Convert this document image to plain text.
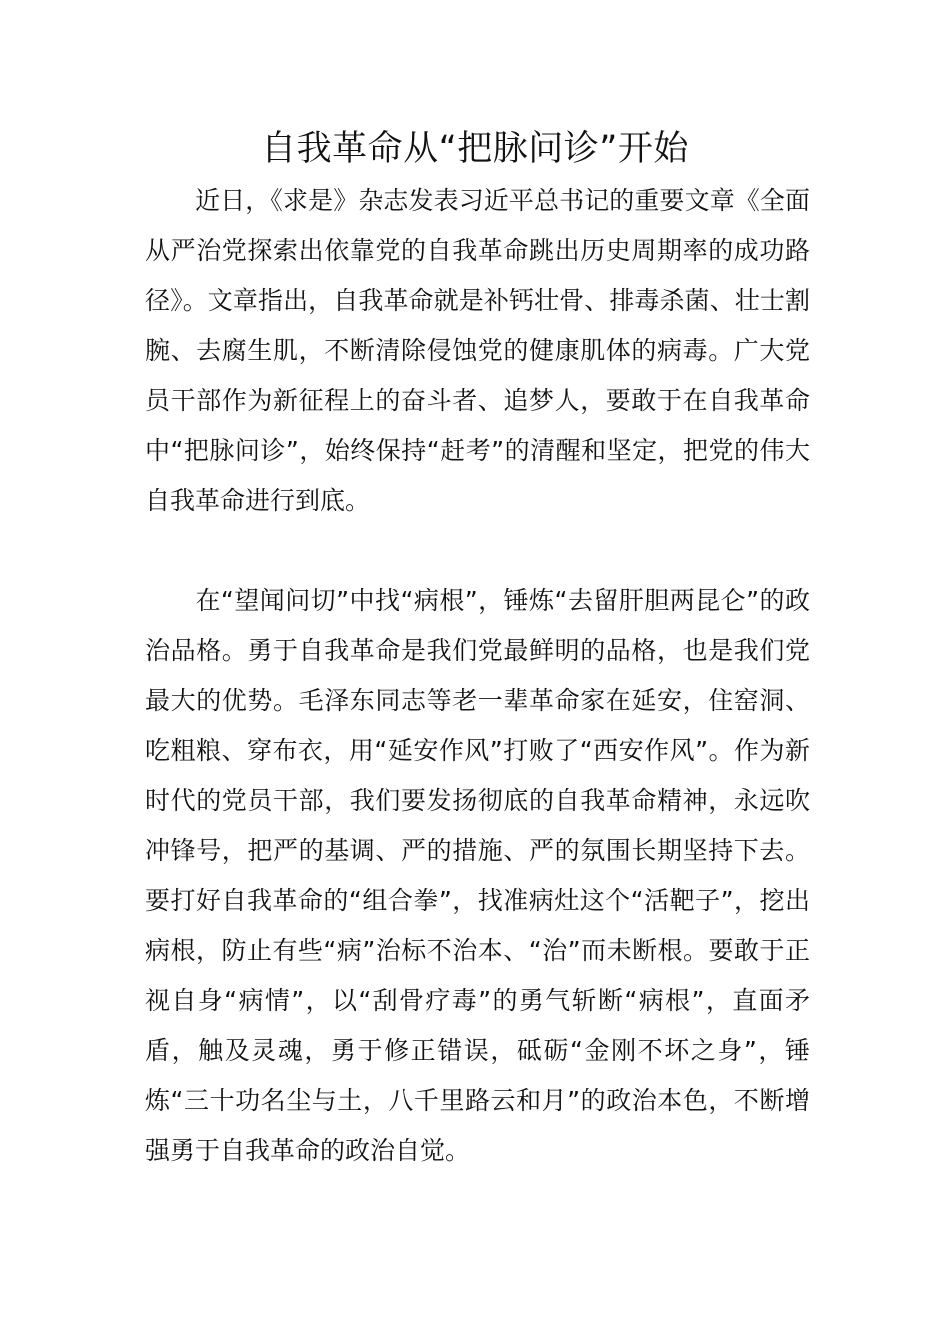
自我革命从“把脉问诊”开始

近日，《求是》杂志发表习近平总书记的重要文章《全面从严治党探索出依靠党的自我革命跳出历史周期率的成功路径》。文章指出，自我革命就是补钙壮骨、排毒杀菌、壮士割腕、去腐生肌，不断清除侵蚀党的健康肌体的病毒。广大党员干部作为新征程上的奋斗者、追梦人，要敢于在自我革命中“把脉问诊”，始终保持“赶考”的清醒和坚定，把党的伟大自我革命进行到底。

在“望闻问切”中找“病根”，锤炼“去留肝胆两昆仑”的政治品格。勇于自我革命是我们党最鲜明的品格，也是我们党最大的优势。毛泽东同志等老一辈革命家在延安，住窑洞、吃粗粮、穿布衣，用“延安作风”打败了“西安作风”。作为新时代的党员干部，我们要发扬彻底的自我革命精神，永远吹冲锋号，把严的基调、严的措施、严的氛围长期坚持下去。要打好自我革命的“组合拳”，找准病灶这个“活靶子”，挖出病根，防止有些“病”治标不治本、“治”而未断根。要敢于正视自身“病情”，以“刮骨疗毒”的勇气斩断“病根”，直面矛盾，触及灵魂，勇于修正错误，砥砺“金刚不坏之身”，锤炼“三十功名尘与土，八千里路云和月”的政治本色，不断增强勇于自我革命的政治自觉。
